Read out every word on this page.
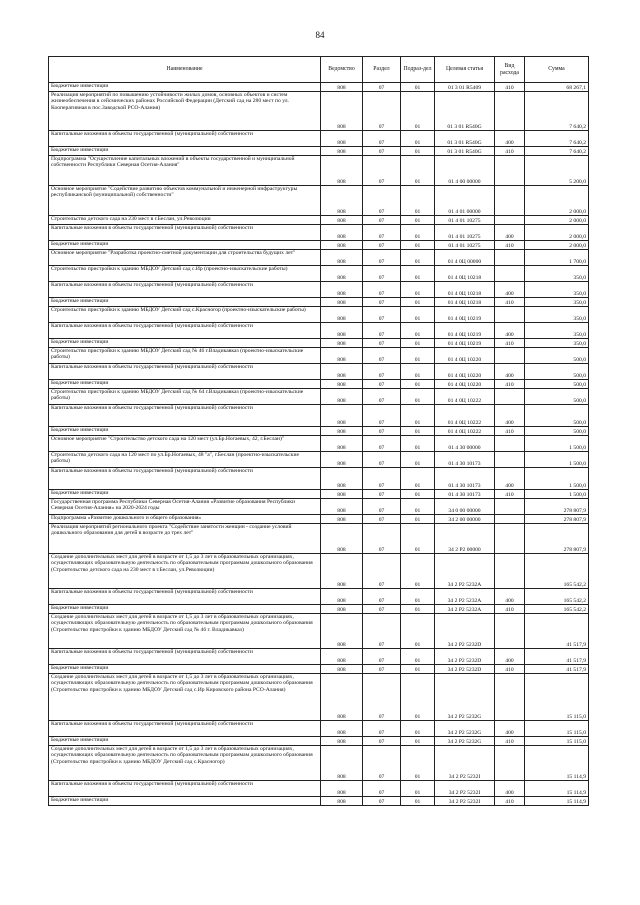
84
Наименование	Ведомство	Раздел	Подраз-дел	Целевая статья	Вид расхода	Сумма
Бюджетные инвестиции	808	07	01	01 3 01 R5409	410	68 267,1
Реализация мероприятий по повышению устойчивости жилых домов, основных объектов и систем жизнеобеспечения в сейсмических районах Российской Федерации (Детский сад на 280 мест по ул. Кооперативная в пос.Заводской РСО-Алания)	808	07	01	01 3 01 R540G		7 640,2
Капитальные вложения в объекты государственной (муниципальной) собственности	808	07	01	01 3 01 R540G	400	7 640,2
Бюджетные инвестиции	808	07	01	01 3 01 R540G	410	7 640,2
Подпрограмма "Осуществление капитальных вложений в объекты государственной и муниципальной собственности Республики Северная Осетия-Алания"	808	07	01	01 4 00 00000		5 200,0
Основное мероприятие "Содействие развитию объектов коммунальной и инженерной инфраструктуры республиканской (муниципальной) собственности"	808	07	01	01 4 01 00000		2 000,0
Строительство детского сада на 230 мест в г.Беслан, ул.Революции	808	07	01	01 4 01 10275		2 000,0
Капитальные вложения в объекты государственной (муниципальной) собственности	808	07	01	01 4 01 10275	400	2 000,0
Бюджетные инвестиции	808	07	01	01 4 01 10275	410	2 000,0
Основное мероприятие "Разработка проектно-сметной документации для строительства будущих лет"	808	07	01	01 4 0Ц 00000		1 700,0
Строительство пристройки к зданию МБДОУ Детский сад с.Ир (проектно-изыскательские работы)	808	07	01	01 4 0Ц 10218		350,0
Капитальные вложения в объекты государственной (муниципальной) собственности	808	07	01	01 4 0Ц 10218	400	350,0
Бюджетные инвестиции	808	07	01	01 4 0Ц 10218	410	350,0
Строительство пристройки к зданию МБДОУ Детский сад с.Красногор (проектно-изыскательские работы)	808	07	01	01 4 0Ц 10219		350,0
Капитальные вложения в объекты государственной (муниципальной) собственности	808	07	01	01 4 0Ц 10219	400	350,0
Бюджетные инвестиции	808	07	01	01 4 0Ц 10219	410	350,0
Строительство пристройки к зданию МБДОУ Детский сад № 46 г.Владикавказ (проектно-изыскательские работы)	808	07	01	01 4 0Ц 10220		500,0
Капитальные вложения в объекты государственной (муниципальной) собственности	808	07	01	01 4 0Ц 10220	400	500,0
Бюджетные инвестиции	808	07	01	01 4 0Ц 10220	410	500,0
Строительство пристройки к зданию МБДОУ Детский сад № 64 г.Владикавказ (проектно-изыскательские работы)	808	07	01	01 4 0Ц 10222		500,0
Капитальные вложения в объекты государственной (муниципальной) собственности	808	07	01	01 4 0Ц 10222	400	500,0
Бюджетные инвестиции	808	07	01	01 4 0Ц 10222	410	500,0
Основное мероприятие "Строительство детского сада на 120 мест (ул.Бр.Ногаевых, 42, г.Беслан)"	808	07	01	01 4 30 00000		1 500,0
Строительство детского сада на 120 мест по ул.Бр.Ногаевых, 48 "а", г.Беслан (проектно-изыскательские работы)	808	07	01	01 4 30 10173		1 500,0
Капитальные вложения в объекты государственной (муниципальной) собственности	808	07	01	01 4 30 10173	400	1 500,0
Бюджетные инвестиции	808	07	01	01 4 30 10173	410	1 500,0
Государственная программа Республики Северная Осетия-Алания «Развитие образования Республики Северная Осетия-Алания» на 2020-2024 годы	808	07	01	34 0 00 00000		278 807,9
Подпрограмма «Развитие дошкольного и общего образования»	808	07	01	34 2 00 00000		278 807,9
Реализация мероприятий регионального проекта "Содействие занятости женщин - создание условий дошкольного образования для детей в возрасте до трех лет"	808	07	01	34 2 P2 00000		278 807,9
Создание дополнительных мест для детей в возрасте от 1,5 до 3 лет в образовательных организациях, осуществляющих образовательную деятельность по образовательным программам дошкольного образования (Строительство детского сада на 230 мест в г.Беслан, ул.Революции)	808	07	01	34 2 P2 5232A		165 542,2
Капитальные вложения в объекты государственной (муниципальной) собственности	808	07	01	34 2 P2 5232A	400	165 542,2
Бюджетные инвестиции	808	07	01	34 2 P2 5232A	410	165 542,2
Создание дополнительных мест для детей в возрасте от 1,5 до 3 лет в образовательных организациях, осуществляющих образовательную деятельность по образовательным программам дошкольного образования (Строительство пристройки к зданию МБДОУ Детский сад № 46 г. Владикавказ)	808	07	01	34 2 P2 5232D		41 517,9
Капитальные вложения в объекты государственной (муниципальной) собственности	808	07	01	34 2 P2 5232D	400	41 517,9
Бюджетные инвестиции	808	07	01	34 2 P2 5232D	410	41 517,9
Создание дополнительных мест для детей в возрасте от 1,5 до 3 лет в образовательных организациях, осуществляющих образовательную деятельность по образовательным программам дошкольного образования (Строительство пристройки к зданию МБДОУ Детский сад с.Ир Кировского района РСО-Алания)	808	07	01	34 2 P2 5232G		15 115,0
Капитальные вложения в объекты государственной (муниципальной) собственности	808	07	01	34 2 P2 5232G	400	15 115,0
Бюджетные инвестиции	808	07	01	34 2 P2 5232G	410	15 115,0
Создание дополнительных мест для детей в возрасте от 1,5 до 3 лет в образовательных организациях, осуществляющих образовательную деятельность по образовательным программам дошкольного образования (Строительство пристройки к зданию МБДОУ Детский сад с.Красногор)	808	07	01	34 2 P2 5232I		15 114,9
Капитальные вложения в объекты государственной (муниципальной) собственности	808	07	01	34 2 P2 5232I	400	15 114,9
Бюджетные инвестиции	808	07	01	34 2 P2 5232I	410	15 114,9
